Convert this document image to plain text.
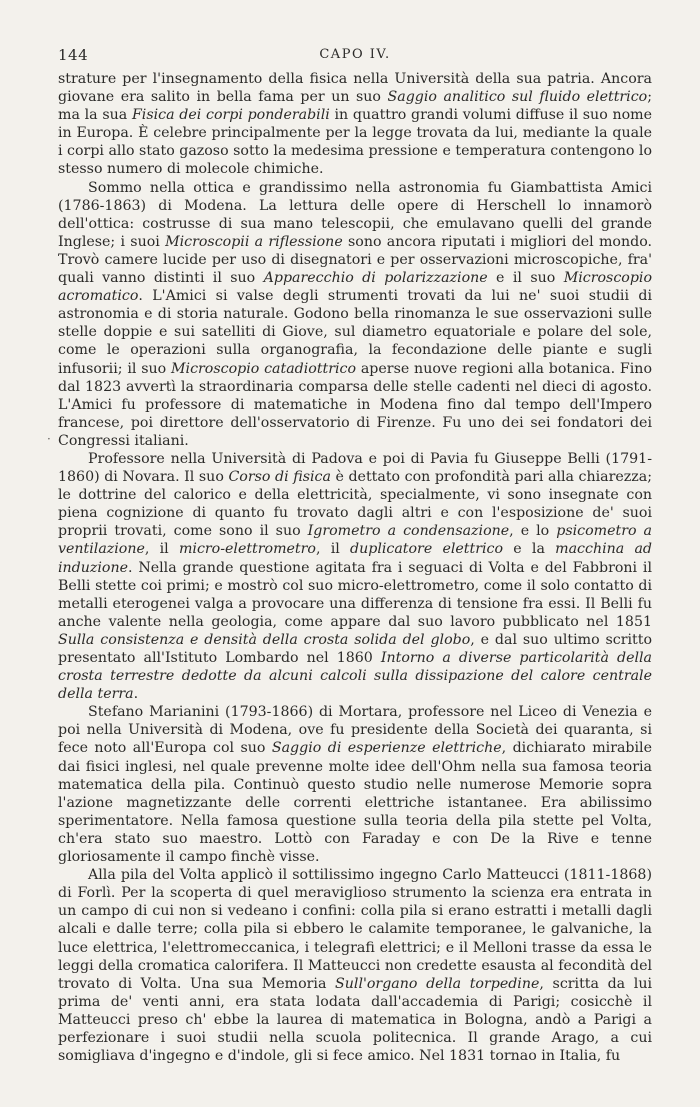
144	CAPO IV.
·

strature per l'insegnamento della fisica nella Università della sua patria. Ancora giovane era salito in bella fama per un suo Saggio analitico sul fluido elettrico; ma la sua Fisica dei corpi ponderabili in quattro grandi volumi diffuse il suo nome in Europa. È celebre principalmente per la legge trovata da lui, mediante la quale i corpi allo stato gazoso sotto la medesima pressione e temperatura contengono lo stesso numero di molecole chimiche.

Sommo nella ottica e grandissimo nella astronomia fu Giambattista Amici (1786-1863) di Modena. La lettura delle opere di Herschell lo innamorò dell'ottica: costrusse di sua mano telescopii, che emulavano quelli del grande Inglese; i suoi Microscopii a riflessione sono ancora riputati i migliori del mondo. Trovò camere lucide per uso di disegnatori e per osservazioni microscopiche, fra' quali vanno distinti il suo Apparecchio di polarizzazione e il suo Microscopio acromatico. L'Amici si valse degli strumenti trovati da lui ne' suoi studii di astronomia e di storia naturale. Godono bella rinomanza le sue osservazioni sulle stelle doppie e sui satelliti di Giove, sul diametro equatoriale e polare del sole, come le operazioni sulla organografia, la fecondazione delle piante e sugli infusorii; il suo Microscopio catadiottrico aperse nuove regioni alla botanica. Fino dal 1823 avvertì la straordinaria comparsa delle stelle cadenti nel dieci di agosto. L'Amici fu professore di matematiche in Modena fino dal tempo dell'Impero francese, poi direttore dell'osservatorio di Firenze. Fu uno dei sei fondatori dei Congressi italiani.

Professore nella Università di Padova e poi di Pavia fu Giuseppe Belli (1791-1860) di Novara. Il suo Corso di fisica è dettato con profondità pari alla chiarezza; le dottrine del calorico e della elettricità, specialmente, vi sono insegnate con piena cognizione di quanto fu trovato dagli altri e con l'esposizione de' suoi proprii trovati, come sono il suo Igrometro a condensazione, e lo psicometro a ventilazione, il micro-elettrometro, il duplicatore elettrico e la macchina ad induzione. Nella grande questione agitata fra i seguaci di Volta e del Fabbroni il Belli stette coi primi; e mostrò col suo micro-elettrometro, come il solo contatto di metalli eterogenei valga a provocare una differenza di tensione fra essi. Il Belli fu anche valente nella geologia, come appare dal suo lavoro pubblicato nel 1851 Sulla consistenza e densità della crosta solida del globo, e dal suo ultimo scritto presentato all'Istituto Lombardo nel 1860 Intorno a diverse particolarità della crosta terrestre dedotte da alcuni calcoli sulla dissipazione del calore centrale della terra.

Stefano Marianini (1793-1866) di Mortara, professore nel Liceo di Venezia e poi nella Università di Modena, ove fu presidente della Società dei quaranta, si fece noto all'Europa col suo Saggio di esperienze elettriche, dichiarato mirabile dai fisici inglesi, nel quale prevenne molte idee dell'Ohm nella sua famosa teoria matematica della pila. Continuò questo studio nelle numerose Memorie sopra l'azione magnetizzante delle correnti elettriche istantanee. Era abilissimo sperimentatore. Nella famosa questione sulla teoria della pila stette pel Volta, ch'era stato suo maestro. Lottò con Faraday e con De la Rive e tenne gloriosamente il campo finchè visse.

Alla pila del Volta applicò il sottilissimo ingegno Carlo Matteucci (1811-1868) di Forlì. Per la scoperta di quel meraviglioso strumento la scienza era entrata in un campo di cui non si vedeano i confini: colla pila si erano estratti i metalli dagli alcali e dalle terre; colla pila si ebbero le calamite temporanee, le galvaniche, la luce elettrica, l'elettromeccanica, i telegrafi elettrici; e il Melloni trasse da essa le leggi della cromatica calorifera. Il Matteucci non credette esausta al fecondità del trovato di Volta. Una sua Memoria Sull'organo della torpedine, scritta da lui prima de' venti anni, era stata lodata dall'accademia di Parigi; cosicchè il Matteucci preso ch' ebbe la laurea di matematica in Bologna, andò a Parigi a perfezionare i suoi studii nella scuola politecnica. Il grande Arago, a cui somigliava d'ingegno e d'indole, gli si fece amico. Nel 1831 tornao in Italia, fu
